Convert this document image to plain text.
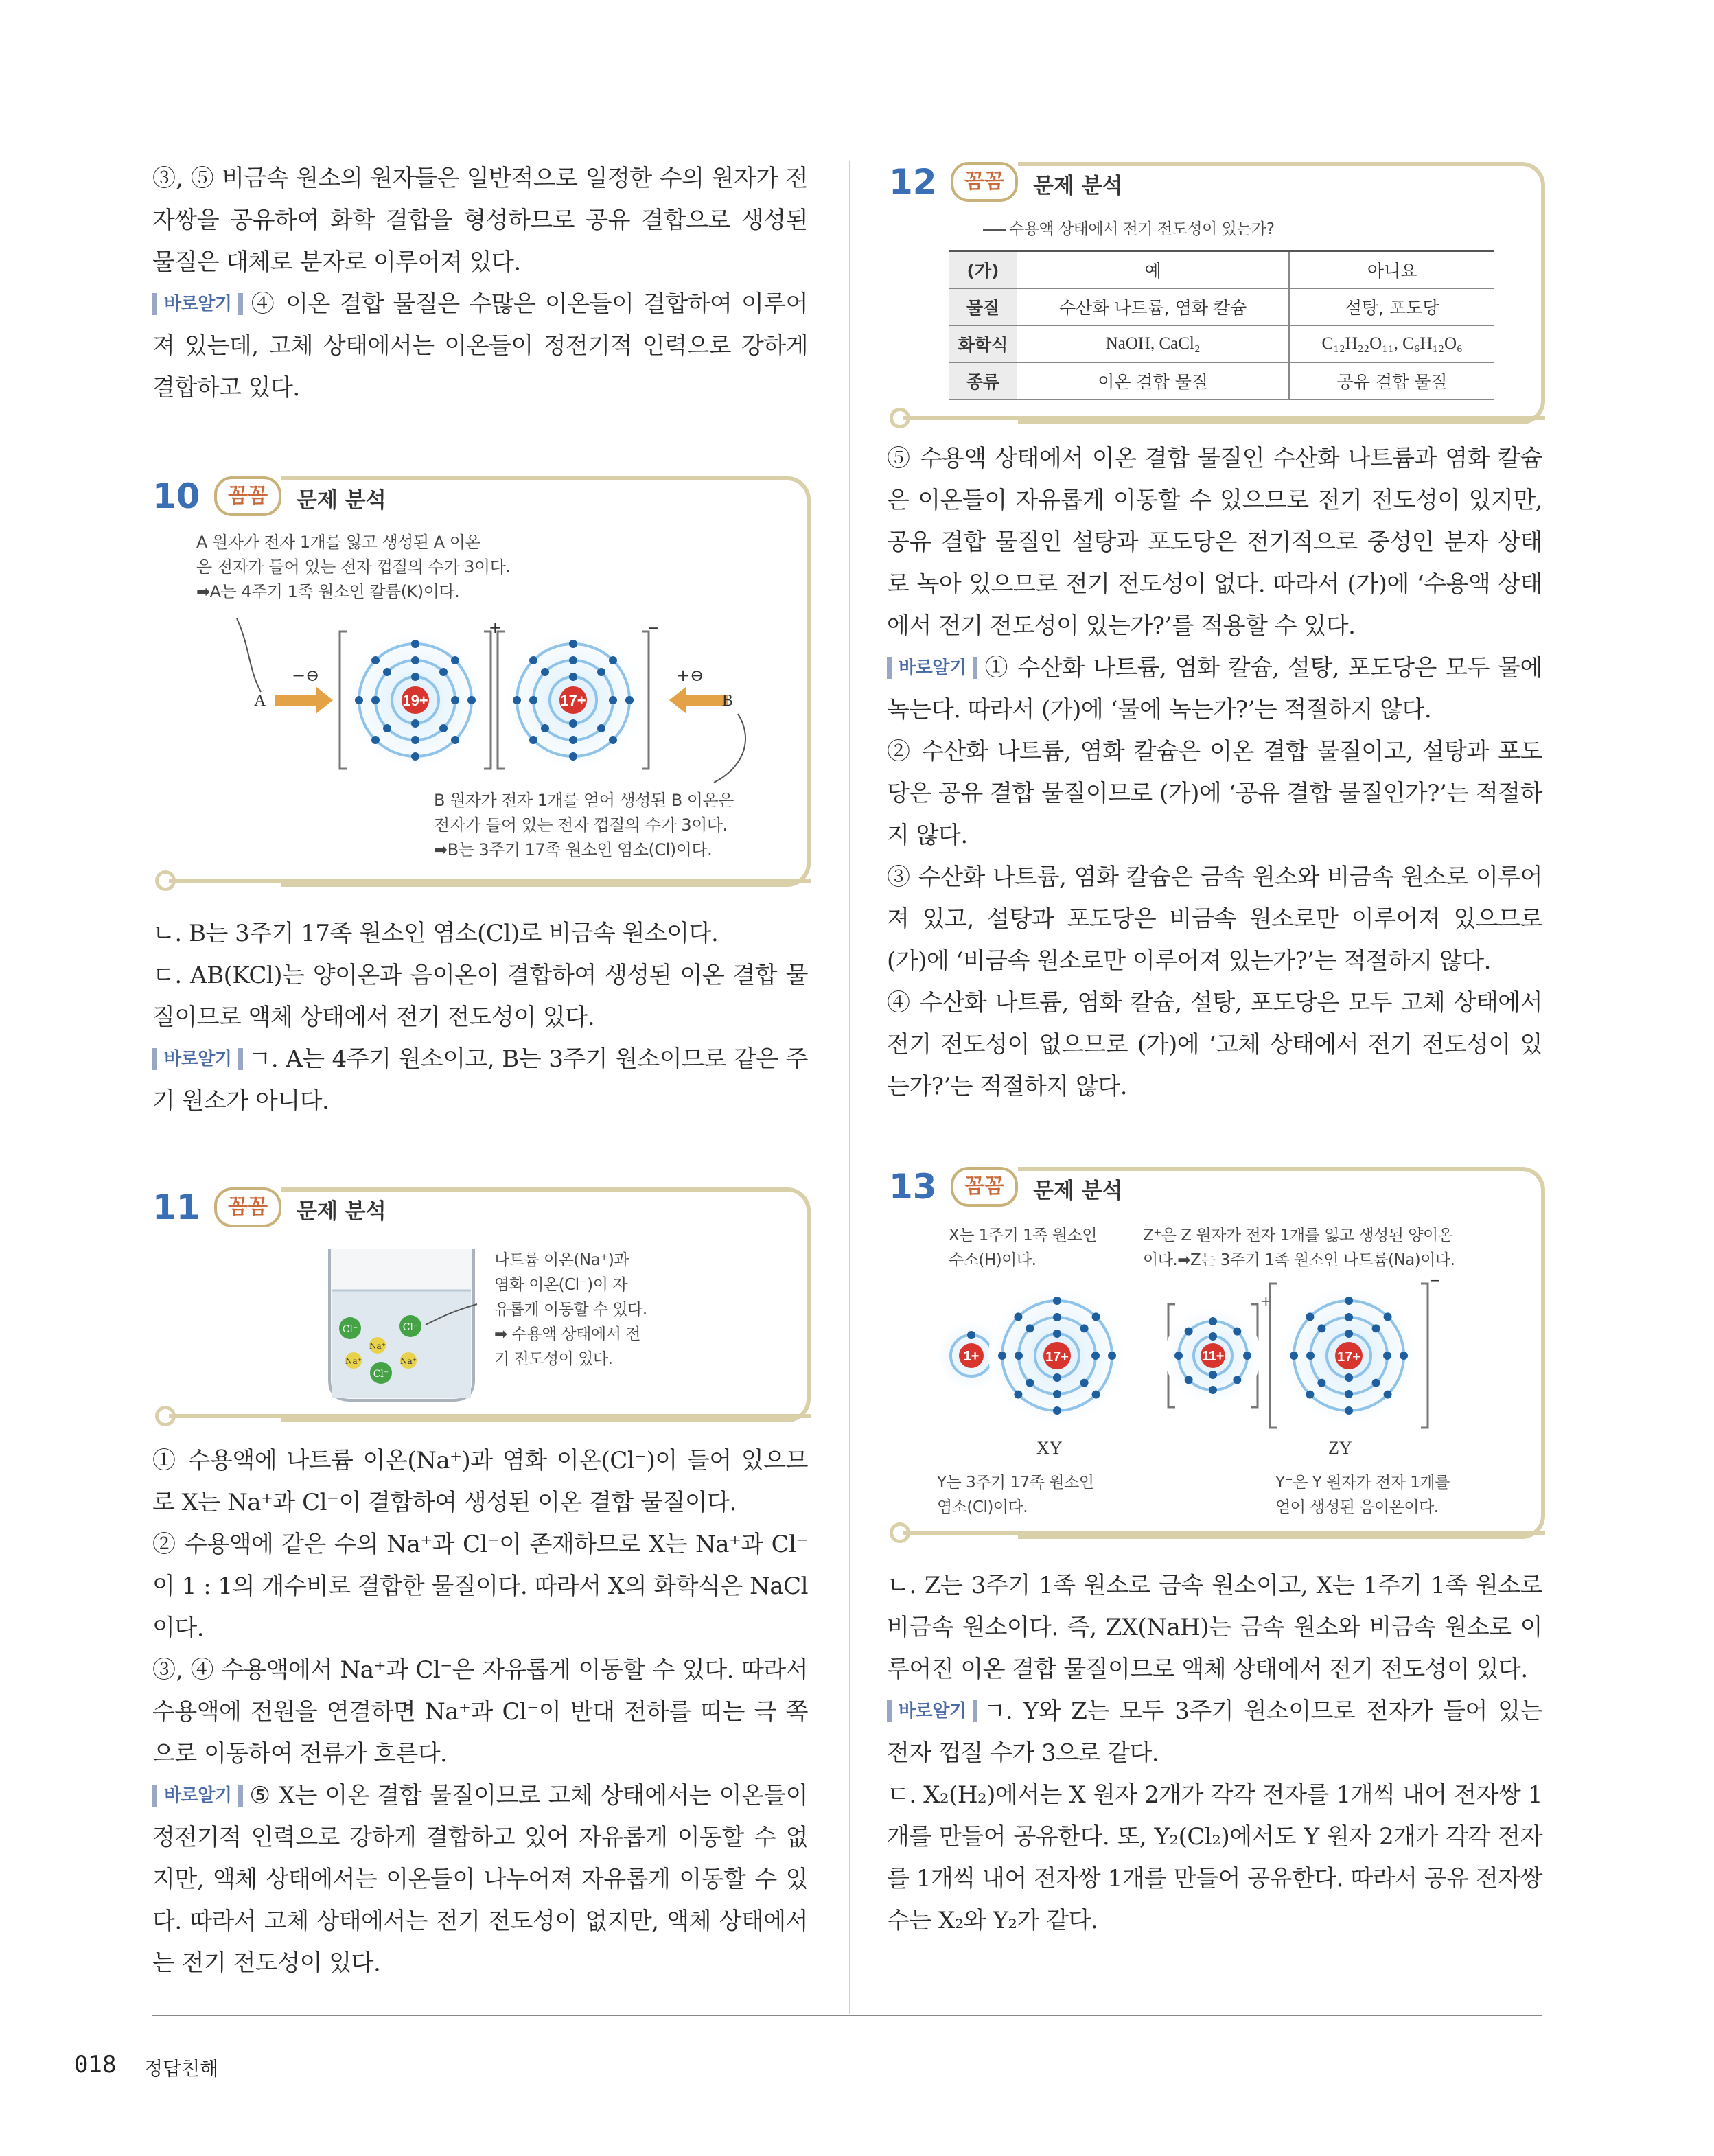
③, ⑤ 비금속 원소의 원자들은 일반적으로 일정한 수의 원자가 전자쌍을 공유하여 화학 결합을 형성하므로 공유 결합으로 생성된 물질은 대체로 분자로 이루어져 있다.

바로알기 ④ 이온 결합 물질은 수많은 이온들이 결합하여 이루어져 있는데, 고체 상태에서는 이온들이 정전기적 인력으로 강하게 결합하고 있다.

10	꼼꼼	문제 분석
A 원자가 전자 1개를 잃고 생성된 A 이온
은 전자가 들어 있는 전자 껍질의 수가 3이다.
➡A는 4주기 1족 원소인 칼륨(K)이다.
19+	17+
+	−
−⊖	+⊖
A	B
B 원자가 전자 1개를 얻어 생성된 B 이온은
전자가 들어 있는 전자 껍질의 수가 3이다.
➡B는 3주기 17족 원소인 염소(Cl)이다.

ㄴ. B는 3주기 17족 원소인 염소(Cl)로 비금속 원소이다.

ㄷ. AB(KCl)는 양이온과 음이온이 결합하여 생성된 이온 결합 물질이므로 액체 상태에서 전기 전도성이 있다.

바로알기 ㄱ. A는 4주기 원소이고, B는 3주기 원소이므로 같은 주기 원소가 아니다.

11	꼼꼼	문제 분석
Cl⁻	Cl⁻
Na⁺
Na⁺	Na⁺
Cl⁻
나트륨 이온(Na⁺)과
염화 이온(Cl⁻)이 자
유롭게 이동할 수 있다.
➡ 수용액 상태에서 전
기 전도성이 있다.

① 수용액에 나트륨 이온(Na⁺)과 염화 이온(Cl⁻)이 들어 있으므로 X는 Na⁺과 Cl⁻이 결합하여 생성된 이온 결합 물질이다.

② 수용액에 같은 수의 Na⁺과 Cl⁻이 존재하므로 X는 Na⁺과 Cl⁻이 1 : 1의 개수비로 결합한 물질이다. 따라서 X의 화학식은 NaCl이다.

③, ④ 수용액에서 Na⁺과 Cl⁻은 자유롭게 이동할 수 있다. 따라서 수용액에 전원을 연결하면 Na⁺과 Cl⁻이 반대 전하를 띠는 극 쪽으로 이동하여 전류가 흐른다.

바로알기 ⑤ X는 이온 결합 물질이므로 고체 상태에서는 이온들이 정전기적 인력으로 강하게 결합하고 있어 자유롭게 이동할 수 없지만, 액체 상태에서는 이온들이 나누어져 자유롭게 이동할 수 있다. 따라서 고체 상태에서는 전기 전도성이 없지만, 액체 상태에서는 전기 전도성이 있다.

12	꼼꼼	문제 분석
수용액 상태에서 전기 전도성이 있는가?
(가)	예	아니요
물질	수산화 나트륨, 염화 칼슘	설탕, 포도당
화학식	NaOH, CaCl₂	C₁₂H₂₂O₁₁, C₆H₁₂O₆
종류	이온 결합 물질	공유 결합 물질

⑤ 수용액 상태에서 이온 결합 물질인 수산화 나트륨과 염화 칼슘은 이온들이 자유롭게 이동할 수 있으므로 전기 전도성이 있지만, 공유 결합 물질인 설탕과 포도당은 전기적으로 중성인 분자 상태로 녹아 있으므로 전기 전도성이 없다. 따라서 (가)에 ‘수용액 상태에서 전기 전도성이 있는가?’를 적용할 수 있다.

바로알기 ① 수산화 나트륨, 염화 칼슘, 설탕, 포도당은 모두 물에 녹는다. 따라서 (가)에 ‘물에 녹는가?’는 적절하지 않다.

② 수산화 나트륨, 염화 칼슘은 이온 결합 물질이고, 설탕과 포도당은 공유 결합 물질이므로 (가)에 ‘공유 결합 물질인가?’는 적절하지 않다.

③ 수산화 나트륨, 염화 칼슘은 금속 원소와 비금속 원소로 이루어져 있고, 설탕과 포도당은 비금속 원소로만 이루어져 있으므로 (가)에 ‘비금속 원소로만 이루어져 있는가?’는 적절하지 않다.

④ 수산화 나트륨, 염화 칼슘, 설탕, 포도당은 모두 고체 상태에서 전기 전도성이 없으므로 (가)에 ‘고체 상태에서 전기 전도성이 있는가?’는 적절하지 않다.

13	꼼꼼	문제 분석
X는 1주기 1족 원소인
수소(H)이다.
Z⁺은 Z 원자가 전자 1개를 잃고 생성된 양이온
이다.➡Z는 3주기 1족 원소인 나트륨(Na)이다.
1+	17+
+
11+
−
17+
XY	ZY
Y는 3주기 17족 원소인
염소(Cl)이다.
Y⁻은 Y 원자가 전자 1개를
얻어 생성된 음이온이다.

ㄴ. Z는 3주기 1족 원소로 금속 원소이고, X는 1주기 1족 원소로 비금속 원소이다. 즉, ZX(NaH)는 금속 원소와 비금속 원소로 이루어진 이온 결합 물질이므로 액체 상태에서 전기 전도성이 있다.

바로알기 ㄱ. Y와 Z는 모두 3주기 원소이므로 전자가 들어 있는 전자 껍질 수가 3으로 같다.

ㄷ. X₂(H₂)에서는 X 원자 2개가 각각 전자를 1개씩 내어 전자쌍 1개를 만들어 공유한다. 또, Y₂(Cl₂)에서도 Y 원자 2개가 각각 전자를 1개씩 내어 전자쌍 1개를 만들어 공유한다. 따라서 공유 전자쌍 수는 X₂와 Y₂가 같다.

018 정답친해
